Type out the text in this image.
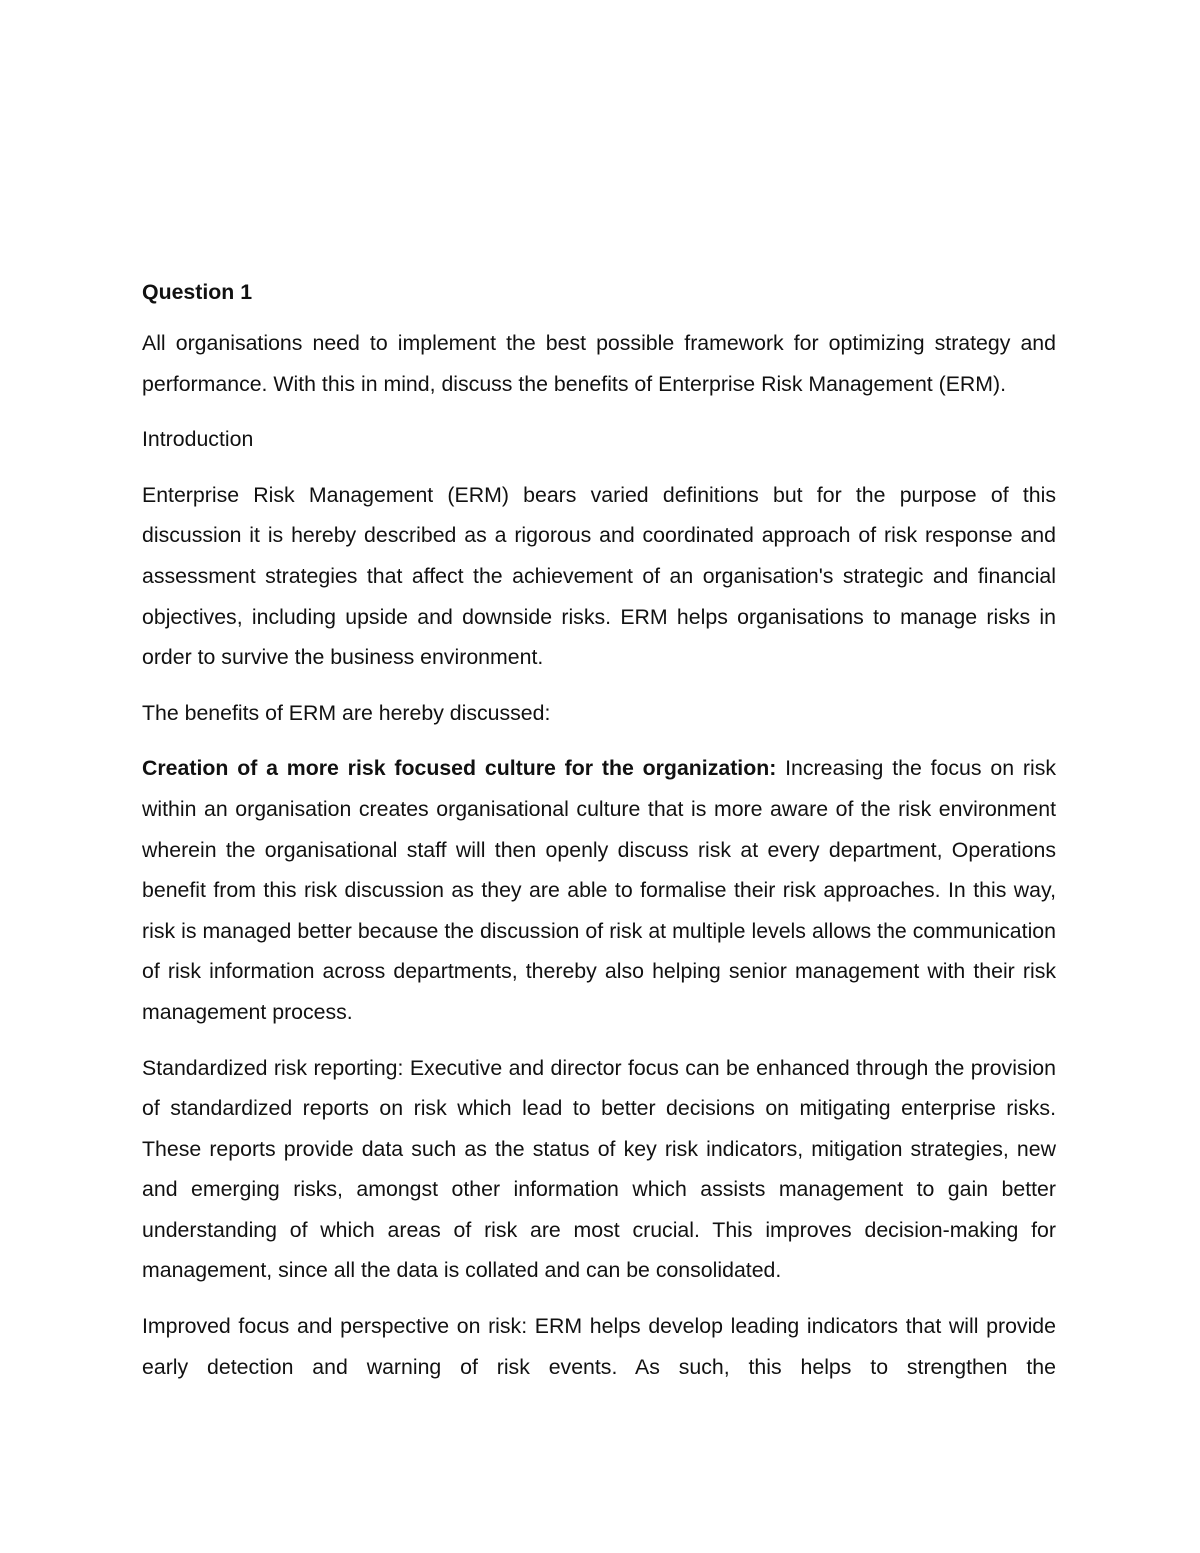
Question 1

All organisations need to implement the best possible framework for optimizing strategy and performance. With this in mind, discuss the benefits of Enterprise Risk Management (ERM).

Introduction

Enterprise Risk Management (ERM) bears varied definitions but for the purpose of this discussion it is hereby described as a rigorous and coordinated approach of risk response and assessment strategies that affect the achievement of an organisation's strategic and financial objectives, including upside and downside risks. ERM helps organisations to manage risks in order to survive the business environment.

The benefits of ERM are hereby discussed:

Creation of a more risk focused culture for the organization: Increasing the focus on risk within an organisation creates organisational culture that is more aware of the risk environment wherein the organisational staff will then openly discuss risk at every department, Operations benefit from this risk discussion as they are able to formalise their risk approaches. In this way, risk is managed better because the discussion of risk at multiple levels allows the communication of risk information across departments, thereby also helping senior management with their risk management process.

Standardized risk reporting: Executive and director focus can be enhanced through the provision of standardized reports on risk which lead to better decisions on mitigating enterprise risks. These reports provide data such as the status of key risk indicators, mitigation strategies, new and emerging risks, amongst other information which assists management to gain better understanding of which areas of risk are most crucial. This improves decision-making for management, since all the data is collated and can be consolidated.

Improved focus and perspective on risk: ERM helps develop leading indicators that will provide early detection and warning of risk events. As such, this helps to strengthen the
